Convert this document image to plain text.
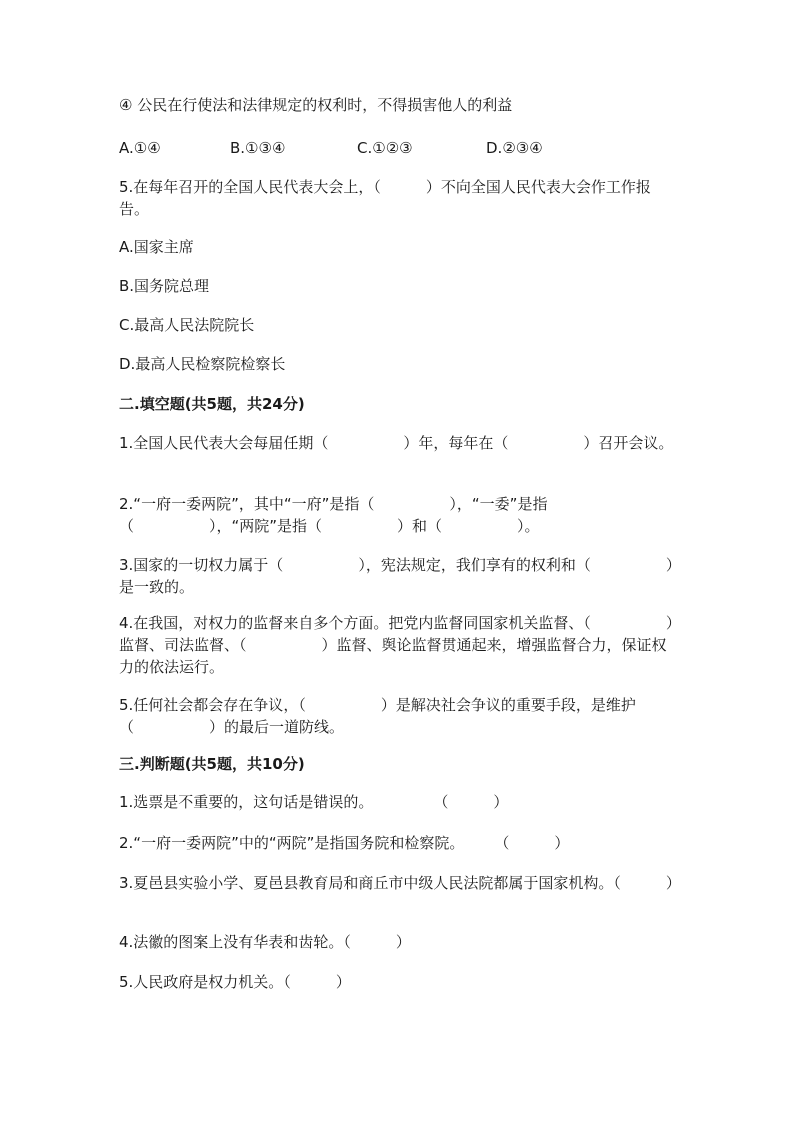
④ 公民在行使法和法律规定的权利时，不得损害他人的利益
A.①④	B.①③④	C.①②③	D.②③④
5.在每年召开的全国人民代表大会上，（　　　）不向全国人民代表大会作工作报告。
A.国家主席
B.国务院总理
C.最高人民法院院长
D.最高人民检察院检察长
二.填空题(共5题，共24分)
1.全国人民代表大会每届任期（　　　　　）年，每年在（　　　　　）召开会议。
2.“一府一委两院”，其中“一府”是指（　　　　　），“一委”是指（　　　　　），“两院”是指（　　　　　）和（　　　　　）。
3.国家的一切权力属于（　　　　　），宪法规定，我们享有的权利和（　　　　　）是一致的。
4.在我国，对权力的监督来自多个方面。把党内监督同国家机关监督、（　　　　　）监督、司法监督、（　　　　　）监督、舆论监督贯通起来，增强监督合力，保证权力的依法运行。
5.任何社会都会存在争议，（　　　　　）是解决社会争议的重要手段，是维护（　　　　　）的最后一道防线。
三.判断题(共5题，共10分)
1.选票是不重要的，这句话是错误的。　　　　　（　　　）
2.“一府一委两院”中的“两院”是指国务院和检察院。　　　（　　　）
3.夏邑县实验小学、夏邑县教育局和商丘市中级人民法院都属于国家机构。（　　　）
4.法徽的图案上没有华表和齿轮。（　　　）
5.人民政府是权力机关。（　　　）
